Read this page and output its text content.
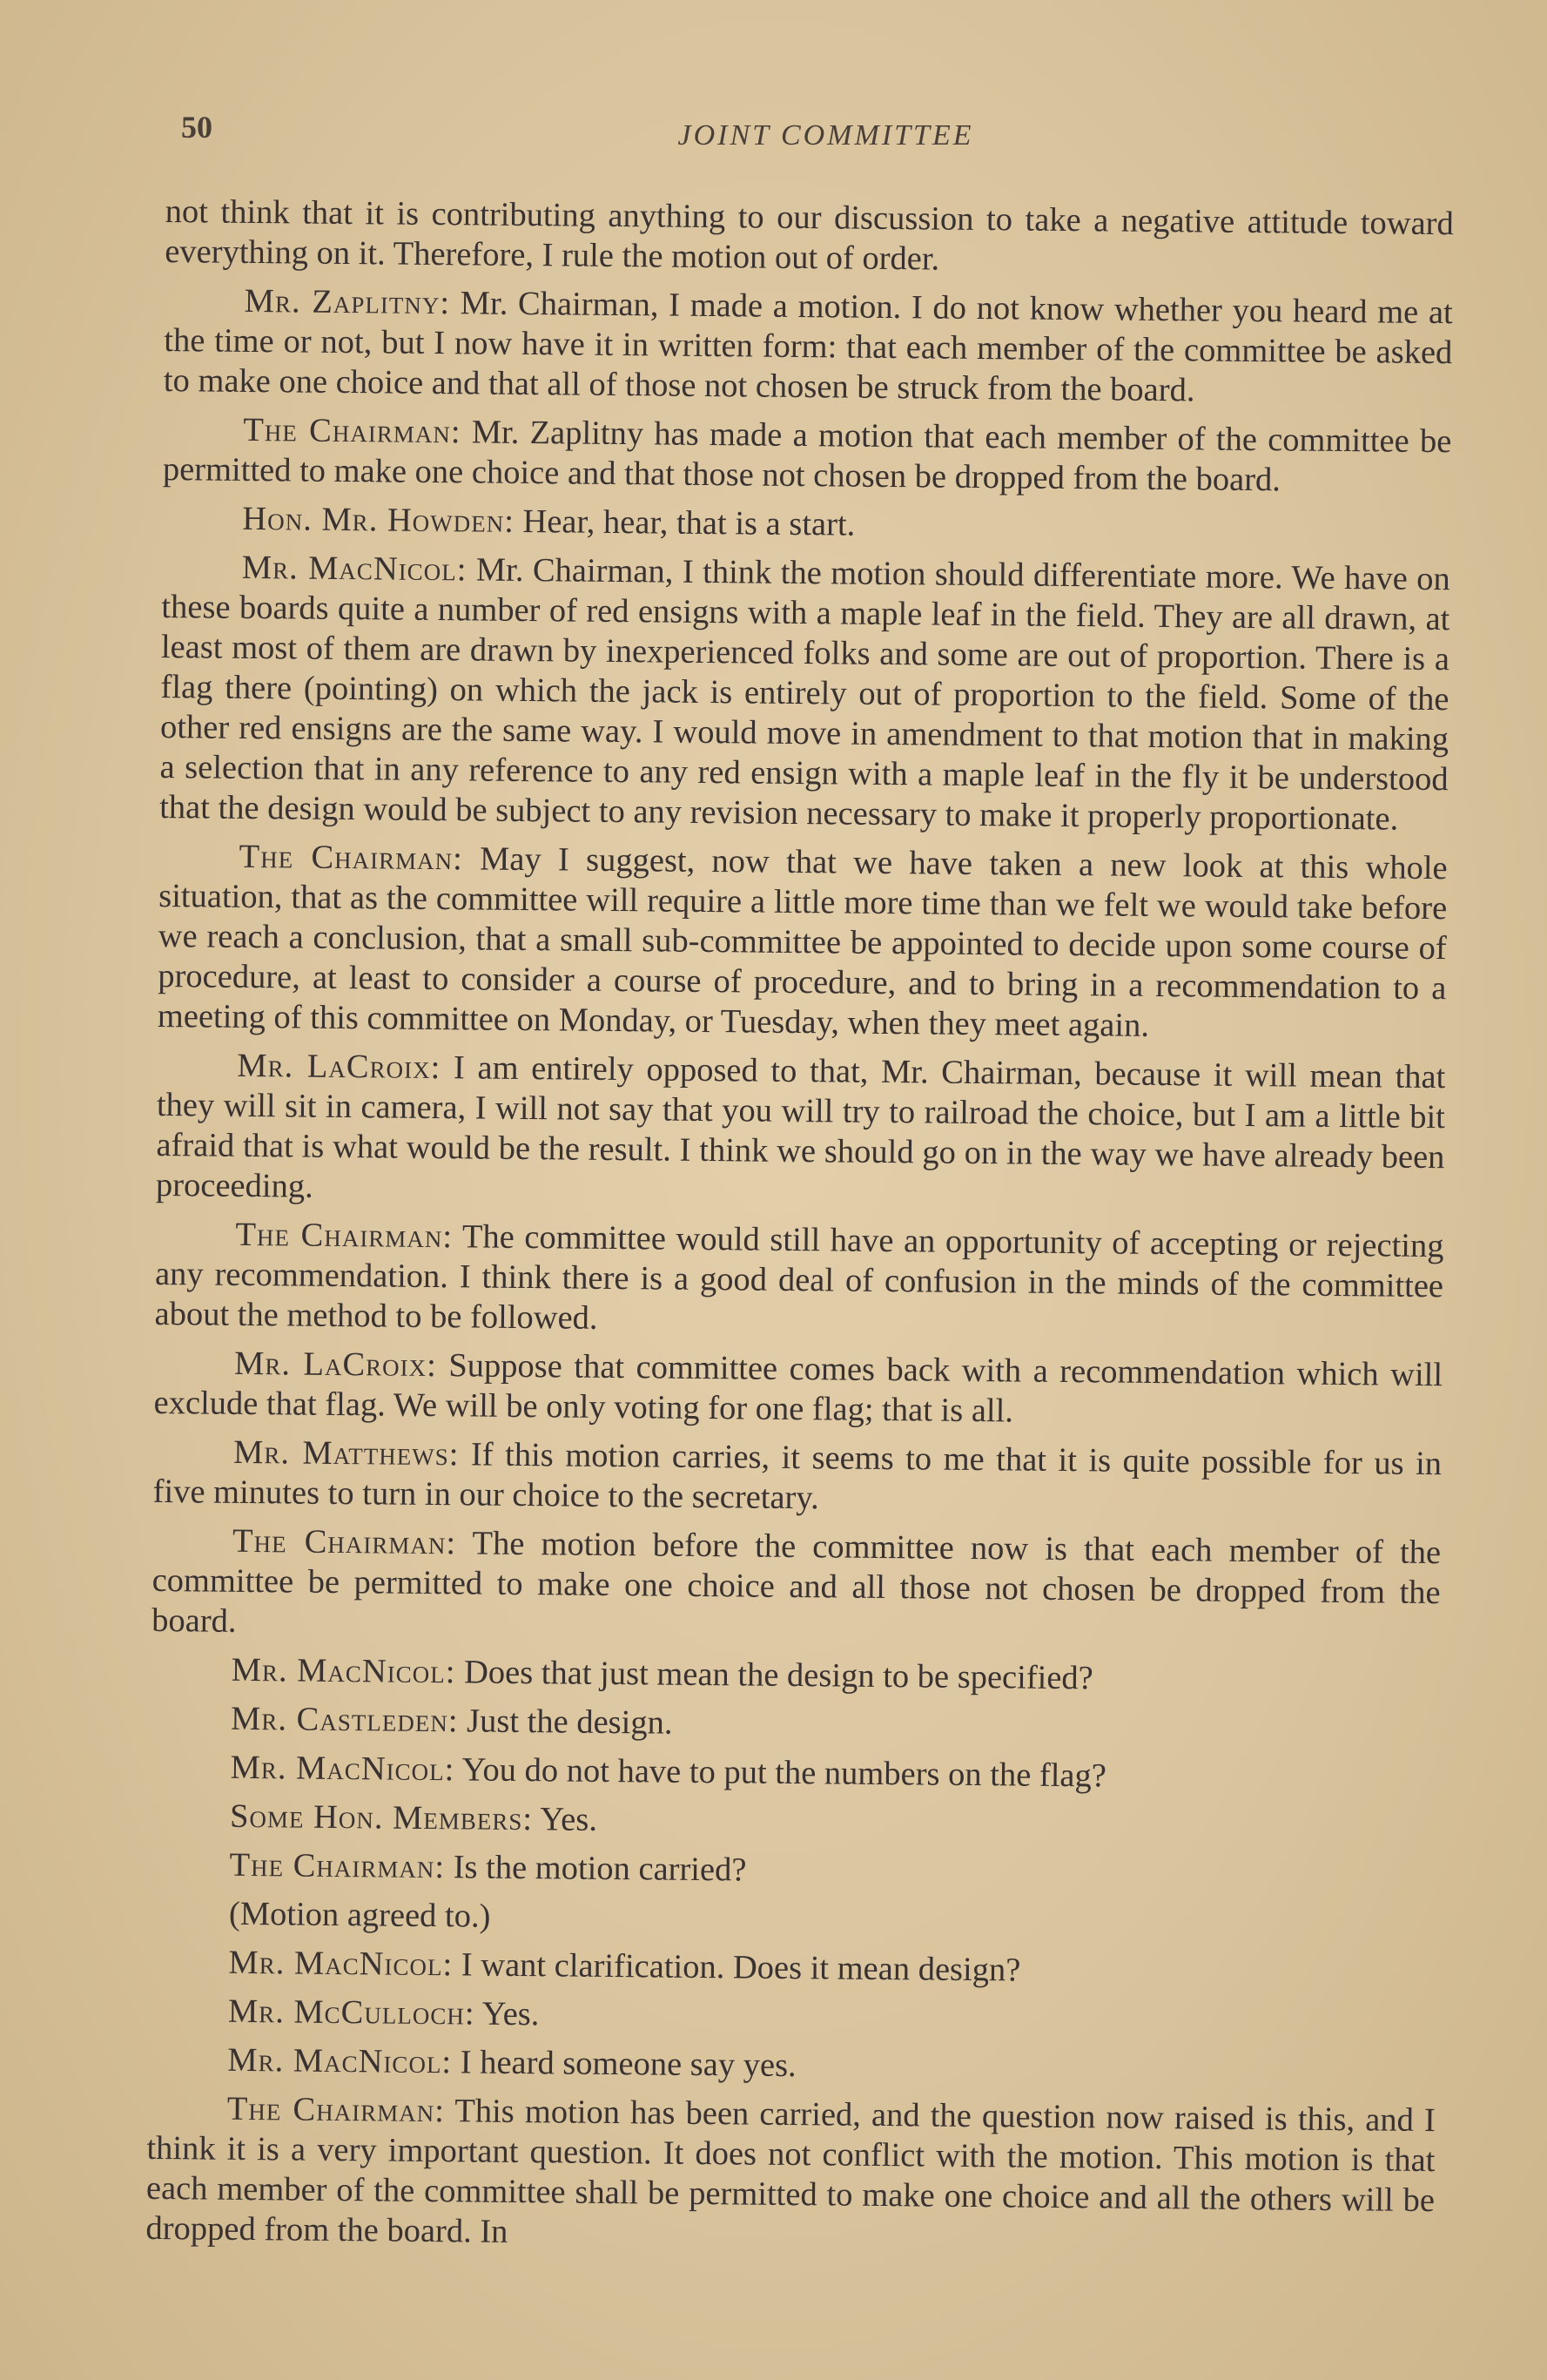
50	JOINT COMMITTEE

not think that it is contributing anything to our discussion to take a negative attitude toward everything on it. Therefore, I rule the motion out of order.

Mr. Zaplitny: Mr. Chairman, I made a motion. I do not know whether you heard me at the time or not, but I now have it in written form: that each member of the committee be asked to make one choice and that all of those not chosen be struck from the board.

The Chairman: Mr. Zaplitny has made a motion that each member of the committee be permitted to make one choice and that those not chosen be dropped from the board.

Hon. Mr. Howden: Hear, hear, that is a start.

Mr. MacNicol: Mr. Chairman, I think the motion should differentiate more. We have on these boards quite a number of red ensigns with a maple leaf in the field. They are all drawn, at least most of them are drawn by inexperienced folks and some are out of proportion. There is a flag there (pointing) on which the jack is entirely out of proportion to the field. Some of the other red ensigns are the same way. I would move in amendment to that motion that in making a selection that in any reference to any red ensign with a maple leaf in the fly it be understood that the design would be subject to any revision necessary to make it properly proportionate.

The Chairman: May I suggest, now that we have taken a new look at this whole situation, that as the committee will require a little more time than we felt we would take before we reach a conclusion, that a small sub-committee be appointed to decide upon some course of procedure, at least to consider a course of procedure, and to bring in a recommendation to a meeting of this committee on Monday, or Tuesday, when they meet again.

Mr. LaCroix: I am entirely opposed to that, Mr. Chairman, because it will mean that they will sit in camera, I will not say that you will try to railroad the choice, but I am a little bit afraid that is what would be the result. I think we should go on in the way we have already been proceeding.

The Chairman: The committee would still have an opportunity of accepting or rejecting any recommendation. I think there is a good deal of confusion in the minds of the committee about the method to be followed.

Mr. LaCroix: Suppose that committee comes back with a recommendation which will exclude that flag. We will be only voting for one flag; that is all.

Mr. Matthews: If this motion carries, it seems to me that it is quite possible for us in five minutes to turn in our choice to the secretary.

The Chairman: The motion before the committee now is that each member of the committee be permitted to make one choice and all those not chosen be dropped from the board.

Mr. MacNicol: Does that just mean the design to be specified?

Mr. Castleden: Just the design.

Mr. MacNicol: You do not have to put the numbers on the flag?

Some Hon. Members: Yes.

The Chairman: Is the motion carried?

(Motion agreed to.)

Mr. MacNicol: I want clarification. Does it mean design?

Mr. McCulloch: Yes.

Mr. MacNicol: I heard someone say yes.

The Chairman: This motion has been carried, and the question now raised is this, and I think it is a very important question. It does not conflict with the motion. This motion is that each member of the committee shall be permitted to make one choice and all the others will be dropped from the board. In
